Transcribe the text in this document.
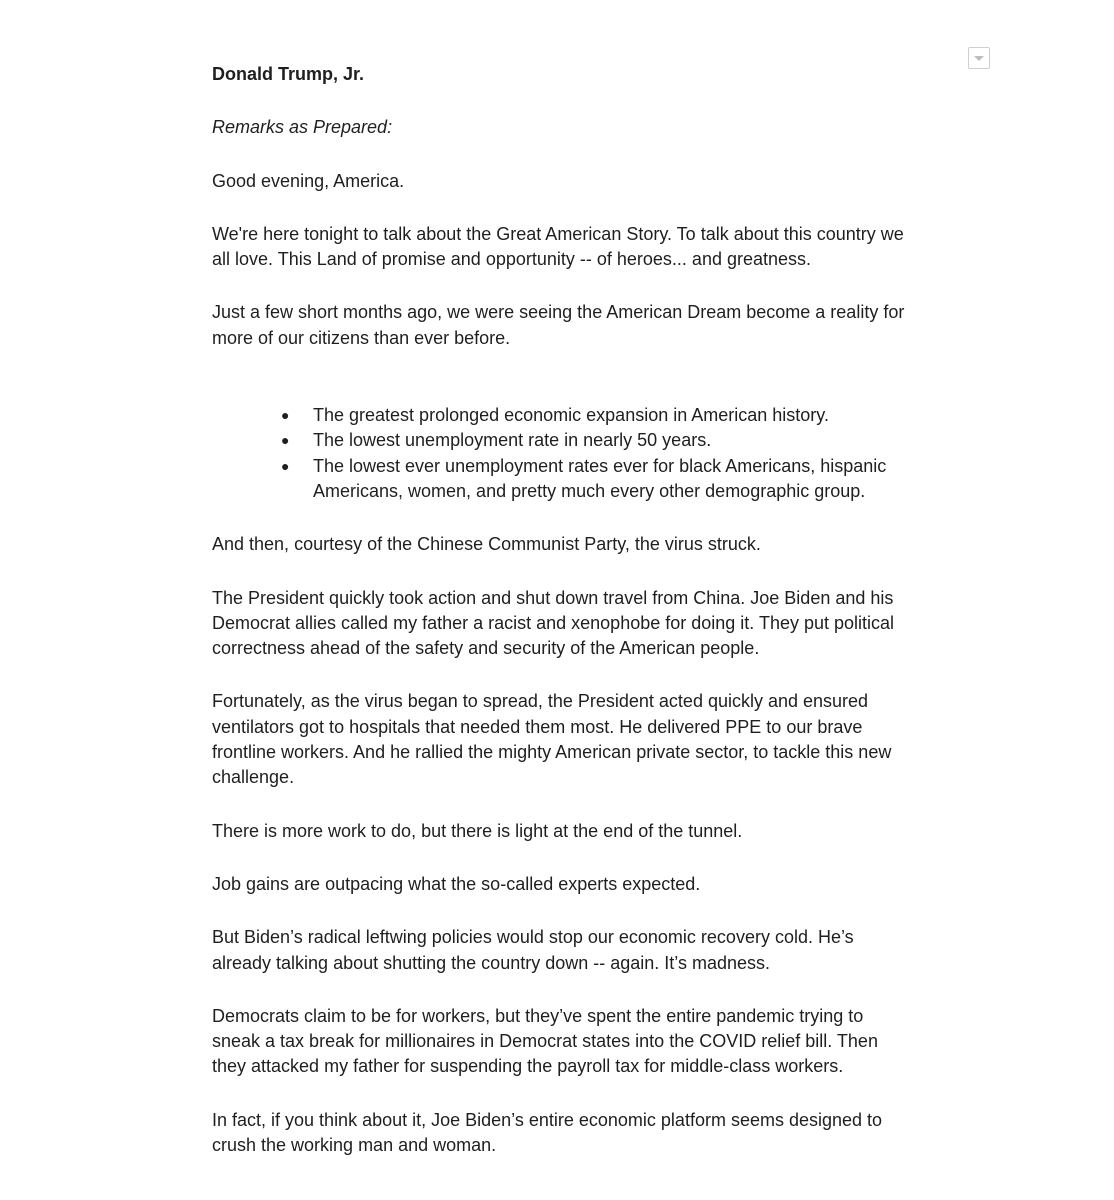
Donald Trump, Jr.

Remarks as Prepared:

Good evening, America.

We're here tonight to talk about the Great American Story. To talk about this country we all love. This Land of promise and opportunity -- of heroes... and greatness.

Just a few short months ago, we were seeing the American Dream become a reality for more of our citizens than ever before.

● The greatest prolonged economic expansion in American history.
● The lowest unemployment rate in nearly 50 years.
● The lowest ever unemployment rates ever for black Americans, hispanic Americans, women, and pretty much every other demographic group.

And then, courtesy of the Chinese Communist Party, the virus struck.

The President quickly took action and shut down travel from China. Joe Biden and his Democrat allies called my father a racist and xenophobe for doing it. They put political correctness ahead of the safety and security of the American people.

Fortunately, as the virus began to spread, the President acted quickly and ensured ventilators got to hospitals that needed them most. He delivered PPE to our brave frontline workers. And he rallied the mighty American private sector, to tackle this new challenge.

There is more work to do, but there is light at the end of the tunnel.

Job gains are outpacing what the so-called experts expected.

But Biden’s radical leftwing policies would stop our economic recovery cold. He’s already talking about shutting the country down -- again. It’s madness.

Democrats claim to be for workers, but they’ve spent the entire pandemic trying to sneak a tax break for millionaires in Democrat states into the COVID relief bill. Then they attacked my father for suspending the payroll tax for middle-class workers.

In fact, if you think about it, Joe Biden’s entire economic platform seems designed to crush the working man and woman.
